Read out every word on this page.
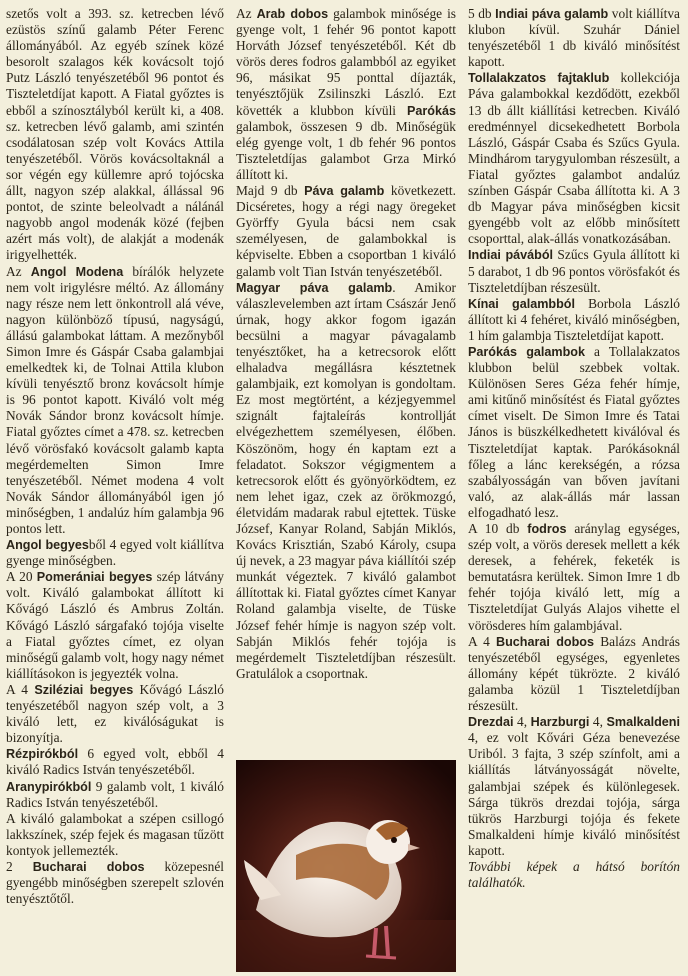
szetős volt a 393. sz. ketrecben lévő ezüstös színű galamb Péter Ferenc állományából. Az egyéb színek közé besorolt szalagos kék kovácsolt tojó Putz László tenyészetéből 96 pontot és Tiszteletdíjat kapott. A Fiatal győztes is ebből a színosztályból került ki, a 408. sz. ketrecben lévő galamb, ami szintén csodálatosan szép volt Kovács Attila tenyészetéből. Vörös kovácsoltaknál a sor végén egy küllemre apró tojócska állt, nagyon szép alakkal, állással 96 pontot, de szinte beleolvadt a nálánál nagyobb angol modenák közé (fejben azért más volt), de alakját a modenák irigyelhették.

Az Angol Modena bírálók helyzete nem volt irigylésre méltó. Az állomány nagy része nem lett önkontroll alá véve, nagyon különböző típusú, nagyságú, állású galambokat láttam. A mezőnyből Simon Imre és Gáspár Csaba galambjai emelkedtek ki, de Tolnai Attila klubon kívüli tenyésztő bronz kovácsolt hímje is 96 pontot kapott. Kiváló volt még Novák Sándor bronz kovácsolt hímje. Fiatal győztes címet a 478. sz. ketrecben lévő vörösfakó kovácsolt galamb kapta megérdemelten Simon Imre tenyészetéből. Német modena 4 volt Novák Sándor állományából igen jó minőségben, 1 andalúz hím galambja 96 pontos lett.

Angol begyesből 4 egyed volt kiállítva gyenge minőségben.

A 20 Pomerániai begyes szép látvány volt. Kiváló galambokat állított ki Kővágó László és Ambrus Zoltán. Kővágó László sárgafakó tojója viselte a Fiatal győztes címet, ez olyan minőségű galamb volt, hogy nagy német kiállításokon is jegyezték volna.

A 4 Sziléziai begyes Kővágó László tenyészetéből nagyon szép volt, a 3 kiváló lett, ez kiválóságukat is bizonyítja.

Rézpirókból 6 egyed volt, ebből 4 kiváló Radics István tenyészetéből.

Aranypirókból 9 galamb volt, 1 kiváló Radics István tenyészetéből.

A kiváló galambokat a szépen csillogó lakkszínek, szép fejek és magasan tűzött kontyok jellemezték.

2 Bucharai dobos közepesnél gyengébb minőségben szerepelt szlovén tenyésztőtől.

Az Arab dobos galambok minősége is gyenge volt, 1 fehér 96 pontot kapott Horváth József tenyészetéből. Két db vörös deres fodros galambból az egyiket 96, másikat 95 ponttal díjazták, tenyésztőjük Zsilinszki László. Ezt követték a klubbon kívüli Parókás galambok, összesen 9 db. Minőségük elég gyenge volt, 1 db fehér 96 pontos Tiszteletdíjas galambot Grza Mirkó állított ki.

Majd 9 db Páva galamb következett. Dicséretes, hogy a régi nagy öregeket Györffy Gyula bácsi nem csak személyesen, de galambokkal is képviselte. Ebben a csoportban 1 kiváló galamb volt Tian István tenyészetéből.

Magyar páva galamb. Amikor válaszlevelemben azt írtam Császár Jenő úrnak, hogy akkor fogom igazán becsülni a magyar pávagalamb tenyésztőket, ha a ketrecsorok előtt elhaladva megállásra késztetnek galambjaik, ezt komolyan is gondoltam. Ez most megtörtént, a kézjegyemmel szignált fajtaleírás kontrollját elvégezhettem személyesen, élőben. Köszönöm, hogy én kaptam ezt a feladatot. Sokszor végigmentem a ketrecsorok előtt és gyönyörködtem, ez nem lehet igaz, czek az örökmozgó, életvidám madarak rabul ejtettek. Tüske József, Kanyar Roland, Sabján Miklós, Kovács Krisztián, Szabó Károly, csupa új nevek, a 23 magyar páva kiállítói szép munkát végeztek. 7 kiváló galambot állítottak ki. Fiatal győztes címet Kanyar Roland galambja viselte, de Tüske József fehér hímje is nagyon szép volt. Sabján Miklós fehér tojója is megérdemelt Tiszteletdíjban részesült. Gratulálok a csoportnak.

5 db Indiai páva galamb volt kiállítva klubon kívül. Szuhár Dániel tenyészetéből 1 db kiváló minősítést kapott.

Tollalakzatos fajtaklub kollekciója Páva galambokkal kezdődött, ezekből 13 db állt kiállítási ketrecben. Kiváló eredménnyel dicsekedhetett Borbola László, Gáspár Csaba és Szűcs Gyula. Mindhárom tarygyulomban részesült, a Fiatal győztes galambot andalúz színben Gáspár Csaba állította ki. A 3 db Magyar páva minőségben kicsit gyengébb volt az előbb minősített csoporttal, alak-állás vonatkozásában.

Indiai pávából Szűcs Gyula állított ki 5 darabot, 1 db 96 pontos vörösfakót és Tiszteletdíjban részesült.

Kínai galambból Borbola László állított ki 4 fehéret, kiváló minőségben, 1 hím galambja Tiszteletdíjat kapott.

Parókás galambok a Tollalakzatos klubbon belül szebbek voltak. Különösen Seres Géza fehér hímje, ami kitűnő minősítést és Fiatal győztes címet viselt. De Simon Imre és Tatai János is büszkélkedhetett kiválóval és Tiszteletdíjat kaptak. Parókásoknál főleg a lánc kerekségén, a rózsa szabályosságán van bőven javítani való, az alak-állás már lassan elfogadható lesz.

A 10 db fodros aránylag egységes, szép volt, a vörös deresek mellett a kék deresek, a fehérek, feketék is bemutatásra kerültek. Simon Imre 1 db fehér tojója kiváló lett, míg a Tiszteletdíjat Gulyás Alajos vihette el vörösderes hím galambjával.

A 4 Bucharai dobos Balázs András tenyészetéből egységes, egyenletes állomány képét tükrözte. 2 kiváló galamba közül 1 Tiszteletdíjban részesült.

Drezdai 4, Harzburgi 4, Smalkaldeni 4, ez volt Kővári Géza benevezése Uriból. 3 fajta, 3 szép színfolt, ami a kiállítás látványosságát növelte, galambjai szépek és különlegesek. Sárga tükrös drezdai tojója, sárga tükrös Harzburgi tojója és fekete Smalkaldeni hímje kiváló minősítést kapott.

További képek a hátsó borítón találhatók.
